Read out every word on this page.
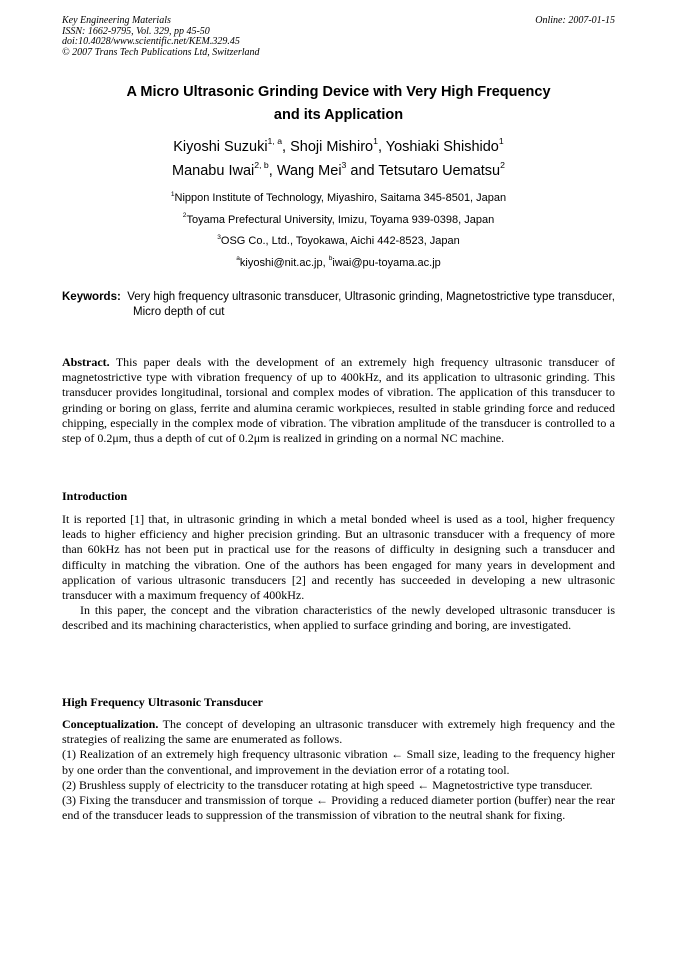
Key Engineering Materials
ISSN: 1662-9795, Vol. 329, pp 45-50
doi:10.4028/www.scientific.net/KEM.329.45
© 2007 Trans Tech Publications Ltd, Switzerland
Online: 2007-01-15
A Micro Ultrasonic Grinding Device with Very High Frequency
and its Application
Kiyoshi Suzuki$^{1, a}$, Shoji Mishiro$^1$, Yoshiaki Shishido$^1$
Manabu Iwai$^{2, b}$, Wang Mei$^3$ and Tetsutaro Uematsu$^2$
$^1$Nippon Institute of Technology, Miyashiro, Saitama 345-8501, Japan
$^2$Toyama Prefectural University, Imizu, Toyama 939-0398, Japan
$^3$OSG Co., Ltd., Toyokawa, Aichi 442-8523, Japan
$^a$kiyoshi@nit.ac.jp, $^b$iwai@pu-toyama.ac.jp
Keywords: Very high frequency ultrasonic transducer, Ultrasonic grinding, Magnetostrictive type transducer, Micro depth of cut

Abstract. This paper deals with the development of an extremely high frequency ultrasonic transducer of magnetostrictive type with vibration frequency of up to 400kHz, and its application to ultrasonic grinding. This transducer provides longitudinal, torsional and complex modes of vibration. The application of this transducer to grinding or boring on glass, ferrite and alumina ceramic workpieces, resulted in stable grinding force and reduced chipping, especially in the complex mode of vibration. The vibration amplitude of the transducer is controlled to a step of 0.2μm, thus a depth of cut of 0.2μm is realized in grinding on a normal NC machine.

Introduction

It is reported [1] that, in ultrasonic grinding in which a metal bonded wheel is used as a tool, higher frequency leads to higher efficiency and higher precision grinding. But an ultrasonic transducer with a frequency of more than 60kHz has not been put in practical use for the reasons of difficulty in designing such a transducer and difficulty in matching the vibration. One of the authors has been engaged for many years in development and application of various ultrasonic transducers [2] and recently has succeeded in developing a new ultrasonic transducer with a maximum frequency of 400kHz.

In this paper, the concept and the vibration characteristics of the newly developed ultrasonic transducer is described and its machining characteristics, when applied to surface grinding and boring, are investigated.

High Frequency Ultrasonic Transducer

Conceptualization. The concept of developing an ultrasonic transducer with extremely high frequency and the strategies of realizing the same are enumerated as follows.

(1) Realization of an extremely high frequency ultrasonic vibration ← Small size, leading to the frequency higher by one order than the conventional, and improvement in the deviation error of a rotating tool.

(2) Brushless supply of electricity to the transducer rotating at high speed ← Magnetostrictive type transducer.

(3) Fixing the transducer and transmission of torque ← Providing a reduced diameter portion (buffer) near the rear end of the transducer leads to suppression of the transmission of vibration to the neutral shank for fixing.
